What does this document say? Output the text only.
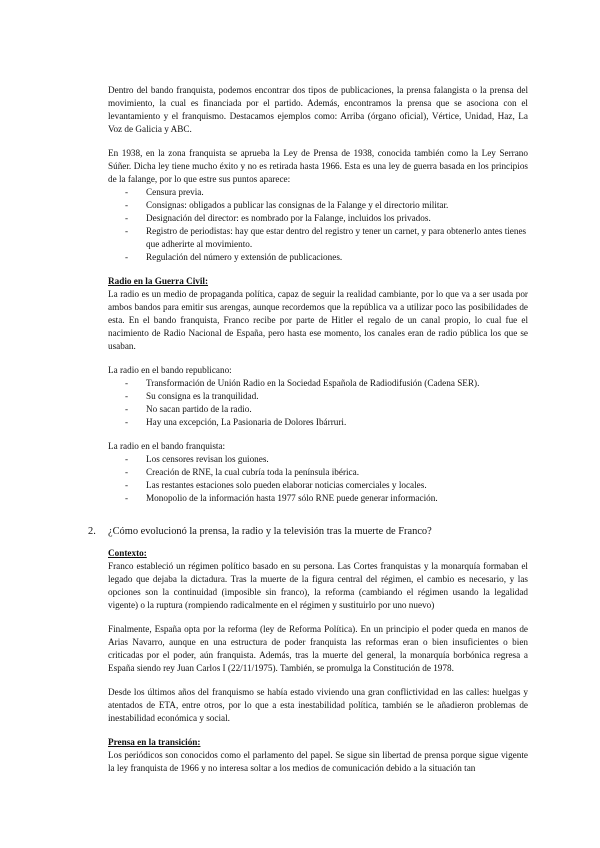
Dentro del bando franquista, podemos encontrar dos tipos de publicaciones, la prensa falangista o la prensa del movimiento, la cual es financiada por el partido. Además, encontramos la prensa que se asociona con el levantamiento y el franquismo. Destacamos ejemplos como: Arriba (órgano oficial), Vértice, Unidad, Haz, La Voz de Galicia y ABC.

En 1938, en la zona franquista se aprueba la Ley de Prensa de 1938, conocida también como la Ley Serrano Súñer. Dicha ley tiene mucho éxito y no es retirada hasta 1966. Esta es una ley de guerra basada en los principios de la falange, por lo que estre sus puntos aparece:

- Censura previa.
- Consignas: obligados a publicar las consignas de la Falange y el directorio militar.
- Designación del director: es nombrado por la Falange, incluidos los privados.
- Registro de periodistas: hay que estar dentro del registro y tener un carnet, y para obtenerlo antes tienes que adherirte al movimiento.
- Regulación del número y extensión de publicaciones.
Radio en la Guerra Civil:

La radio es un medio de propaganda política, capaz de seguir la realidad cambiante, por lo que va a ser usada por ambos bandos para emitir sus arengas, aunque recordemos que la república va a utilizar poco las posibilidades de esta. En el bando franquista, Franco recibe por parte de Hitler el regalo de un canal propio, lo cual fue el nacimiento de Radio Nacional de España, pero hasta ese momento, los canales eran de radio pública los que se usaban.

La radio en el bando republicano:

- Transformación de Unión Radio en la Sociedad Española de Radiodifusión (Cadena SER).
- Su consigna es la tranquilidad.
- No sacan partido de la radio.
- Hay una excepción, La Pasionaria de Dolores Ibárruri.

La radio en el bando franquista:

- Los censores revisan los guiones.
- Creación de RNE, la cual cubría toda la península ibérica.
- Las restantes estaciones solo pueden elaborar noticias comerciales y locales.
- Monopolio de la información hasta 1977 sólo RNE puede generar información.
2. ¿Cómo evolucionó la prensa, la radio y la televisión tras la muerte de Franco?
Contexto:

Franco estableció un régimen político basado en su persona. Las Cortes franquistas y la monarquía formaban el legado que dejaba la dictadura. Tras la muerte de la figura central del régimen, el cambio es necesario, y las opciones son la continuidad (imposible sin franco), la reforma (cambiando el régimen usando la legalidad vigente) o la ruptura (rompiendo radicalmente en el régimen y sustituirlo por uno nuevo)

Finalmente, España opta por la reforma (ley de Reforma Política). En un principio el poder queda en manos de Arias Navarro, aunque en una estructura de poder franquista las reformas eran o bien insuficientes o bien criticadas por el poder, aún franquista. Además, tras la muerte del general, la monarquía borbónica regresa a España siendo rey Juan Carlos I (22/11/1975). También, se promulga la Constitución de 1978.

Desde los últimos años del franquismo se había estado viviendo una gran conflictividad en las calles: huelgas y atentados de ETA, entre otros, por lo que a esta inestabilidad política, también se le añadieron problemas de inestabilidad económica y social.

Prensa en la transición:

Los periódicos son conocidos como el parlamento del papel. Se sigue sin libertad de prensa porque sigue vigente la ley franquista de 1966 y no interesa soltar a los medios de comunicación debido a la situación tan
